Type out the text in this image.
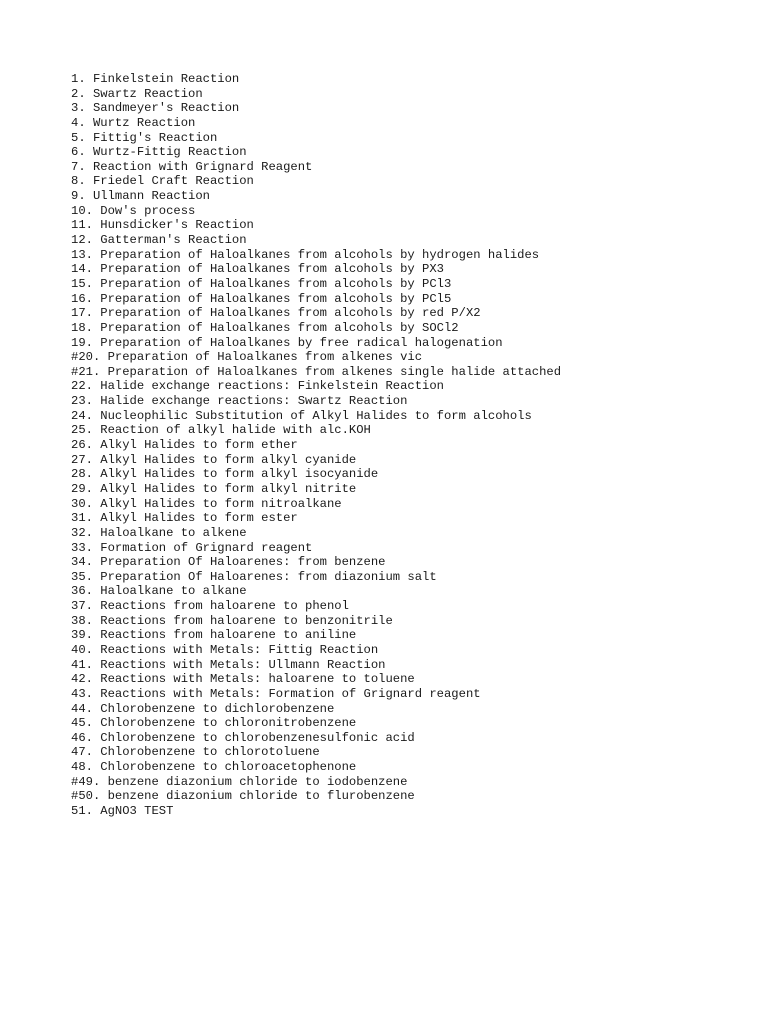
1. Finkelstein Reaction
2. Swartz Reaction
3. Sandmeyer's Reaction
4. Wurtz Reaction
5. Fittig's Reaction
6. Wurtz-Fittig Reaction
7. Reaction with Grignard Reagent
8. Friedel Craft Reaction
9. Ullmann Reaction
10. Dow's process
11. Hunsdicker's Reaction
12. Gatterman's Reaction
13. Preparation of Haloalkanes from alcohols by hydrogen halides
14. Preparation of Haloalkanes from alcohols by PX3
15. Preparation of Haloalkanes from alcohols by PCl3
16. Preparation of Haloalkanes from alcohols by PCl5
17. Preparation of Haloalkanes from alcohols by red P/X2
18. Preparation of Haloalkanes from alcohols by SOCl2
19. Preparation of Haloalkanes by free radical halogenation
#20. Preparation of Haloalkanes from alkenes vic
#21. Preparation of Haloalkanes from alkenes single halide attached
22. Halide exchange reactions: Finkelstein Reaction
23. Halide exchange reactions: Swartz Reaction
24. Nucleophilic Substitution of Alkyl Halides to form alcohols
25. Reaction of alkyl halide with alc.KOH
26. Alkyl Halides to form ether
27. Alkyl Halides to form alkyl cyanide
28. Alkyl Halides to form alkyl isocyanide
29. Alkyl Halides to form alkyl nitrite
30. Alkyl Halides to form nitroalkane
31. Alkyl Halides to form ester
32. Haloalkane to alkene
33. Formation of Grignard reagent
34. Preparation Of Haloarenes: from benzene
35. Preparation Of Haloarenes: from diazonium salt
36. Haloalkane to alkane
37. Reactions from haloarene to phenol
38. Reactions from haloarene to benzonitrile
39. Reactions from haloarene to aniline
40. Reactions with Metals: Fittig Reaction
41. Reactions with Metals: Ullmann Reaction
42. Reactions with Metals: haloarene to toluene
43. Reactions with Metals: Formation of Grignard reagent
44. Chlorobenzene to dichlorobenzene
45. Chlorobenzene to chloronitrobenzene
46. Chlorobenzene to chlorobenzenesulfonic acid
47. Chlorobenzene to chlorotoluene
48. Chlorobenzene to chloroacetophenone
#49. benzene diazonium chloride to iodobenzene
#50. benzene diazonium chloride to flurobenzene
51. AgNO3 TEST
